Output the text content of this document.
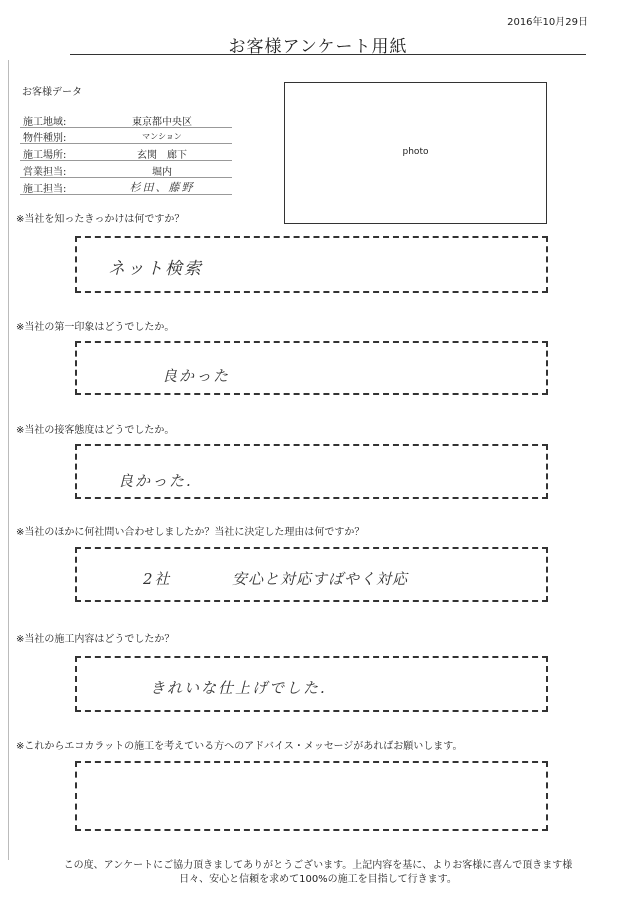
2016年10月29日
お客様アンケート用紙
お客様データ
施工地域:	東京都中央区
物件種別:	マンション
施工場所:	玄関　廊下
営業担当:	堀内
施工担当:	杉田、藤野
photo
※当社を知ったきっかけは何ですか？
ネット検索
※当社の第一印象はどうでしたか。
良かった
※当社の接客態度はどうでしたか。
良かった.
※当社のほかに何社問い合わせしましたか？当社に決定した理由は何ですか？
2社	安心と対応すばやく対応
※当社の施工内容はどうでしたか？
きれいな仕上げでした.
※これからエコカラットの施工を考えている方へのアドバイス・メッセージがあればお願いします。
この度、アンケートにご協力頂きましてありがとうございます。上記内容を基に、よりお客様に喜んで頂きます様
日々、安心と信頼を求めて100%の施工を目指して行きます。
